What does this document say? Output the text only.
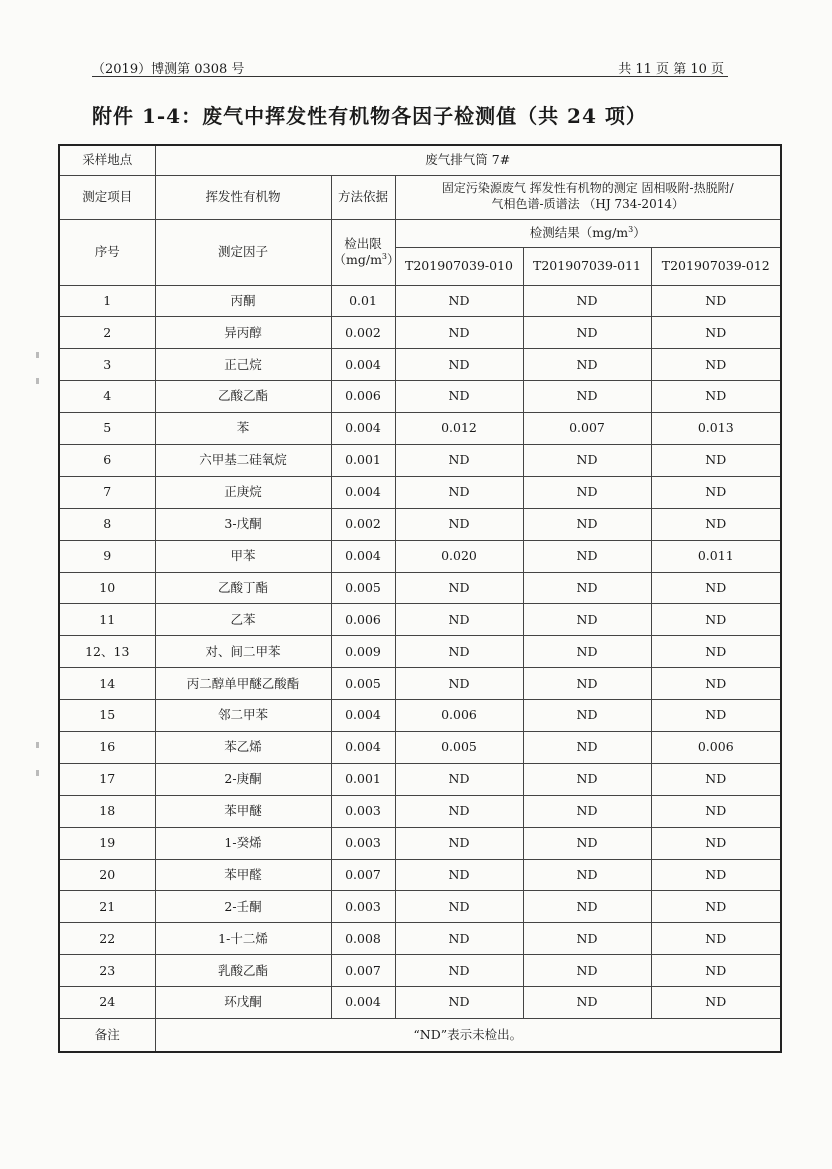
（2019）博测第 0308 号	共 11 页 第 10 页
附件 1-4：废气中挥发性有机物各因子检测值（共 24 项）
采样地点	废气排气筒 7#				
测定项目	挥发性有机物	方法依据	固定污染源废气 挥发性有机物的测定 固相吸附-热脱附/
气相色谱-质谱法 （HJ 734-2014）		
序号	测定因子	检出限
$(mg/m^3)$	检测结果$(mg/m^3)$		
			T201907039-010	T201907039-011	T201907039-012
1	丙酮	0.01	ND	ND	ND
2	异丙醇	0.002	ND	ND	ND
3	正己烷	0.004	ND	ND	ND
4	乙酸乙酯	0.006	ND	ND	ND
5	苯	0.004	0.012	0.007	0.013
6	六甲基二硅氧烷	0.001	ND	ND	ND
7	正庚烷	0.004	ND	ND	ND
8	3-戊酮	0.002	ND	ND	ND
9	甲苯	0.004	0.020	ND	0.011
10	乙酸丁酯	0.005	ND	ND	ND
11	乙苯	0.006	ND	ND	ND
12、13	对、间二甲苯	0.009	ND	ND	ND
14	丙二醇单甲醚乙酸酯	0.005	ND	ND	ND
15	邻二甲苯	0.004	0.006	ND	ND
16	苯乙烯	0.004	0.005	ND	0.006
17	2-庚酮	0.001	ND	ND	ND
18	苯甲醚	0.003	ND	ND	ND
19	1-癸烯	0.003	ND	ND	ND
20	苯甲醛	0.007	ND	ND	ND
21	2-壬酮	0.003	ND	ND	ND
22	1-十二烯	0.008	ND	ND	ND
23	乳酸乙酯	0.007	ND	ND	ND
24	环戊酮	0.004	ND	ND	ND
备注	“ND”表示未检出。				
